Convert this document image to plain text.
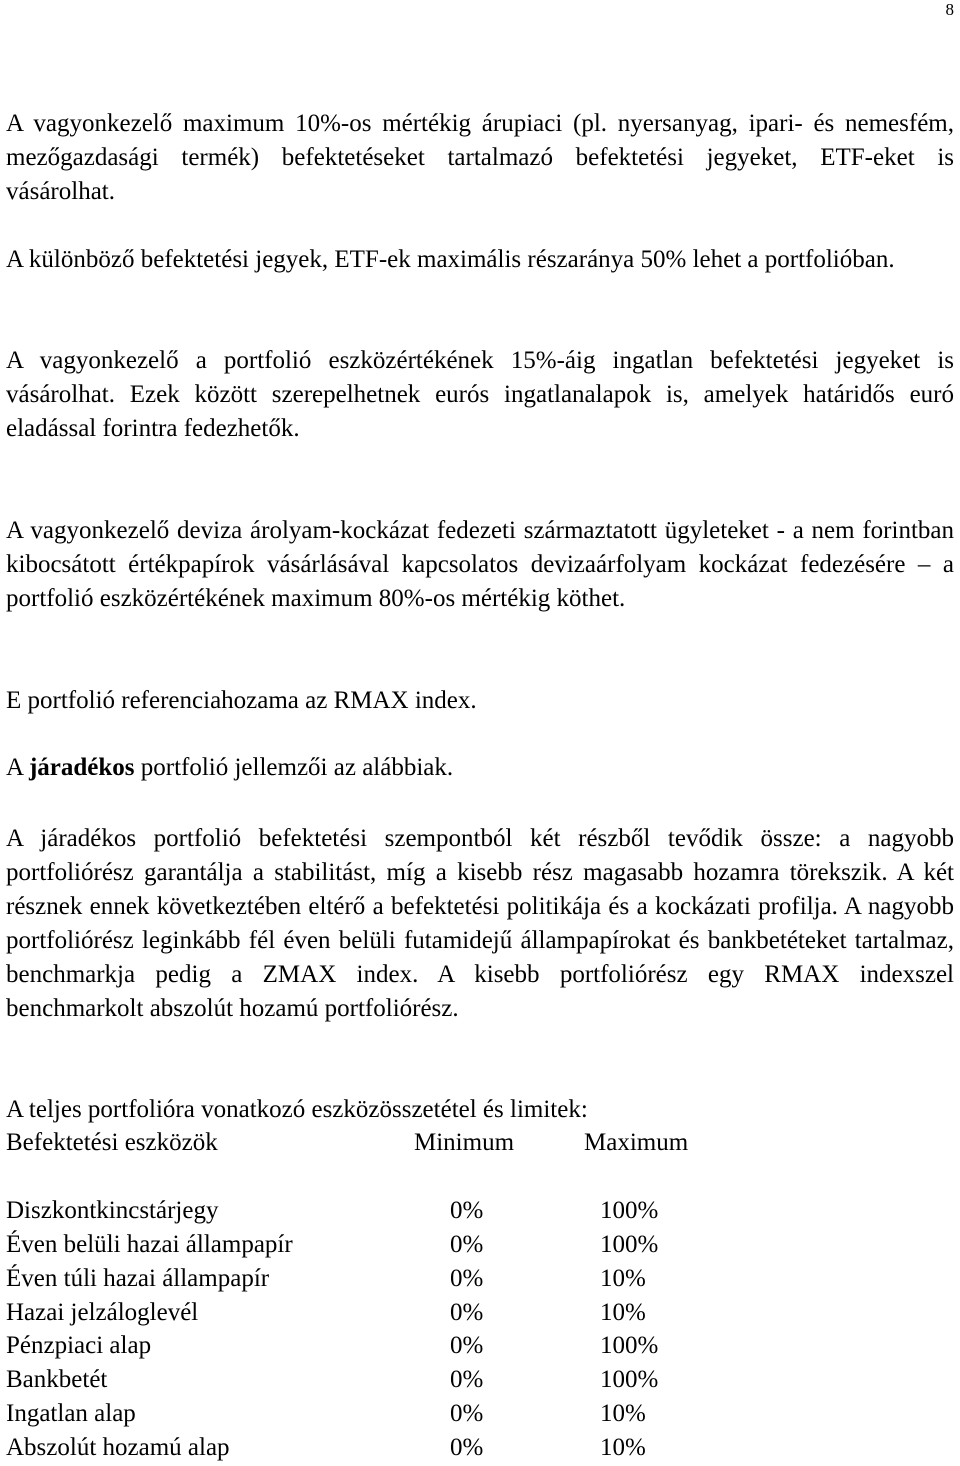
8

A vagyonkezelő maximum 10%-os mértékig árupiaci (pl. nyersanyag, ipari- és nemesfém, mezőgazdasági termék) befektetéseket tartalmazó befektetési jegyeket, ETF-eket is vásárolhat.

A különböző befektetési jegyek, ETF-ek maximális részaránya 50% lehet a portfolióban.

A vagyonkezelő a portfolió eszközértékének 15%-áig ingatlan befektetési jegyeket is vásárolhat. Ezek között szerepelhetnek eurós ingatlanalapok is, amelyek határidős euró eladással forintra fedezhetők.

A vagyonkezelő deviza árolyam-kockázat fedezeti származtatott ügyleteket - a nem forintban kibocsátott értékpapírok vásárlásával kapcsolatos devizaárfolyam kockázat fedezésére – a portfolió eszközértékének maximum 80%-os mértékig köthet.

E portfolió referenciahozama az RMAX index.

A járadékos portfolió jellemzői az alábbiak.

A járadékos portfolió befektetési szempontból két részből tevődik össze: a nagyobb portfoliórész garantálja a stabilitást, míg a kisebb rész magasabb hozamra törekszik. A két résznek ennek következtében eltérő a befektetési politikája és a kockázati profilja. A nagyobb portfoliórész leginkább fél éven belüli futamidejű állampapírokat és bankbetéteket tartalmaz, benchmarkja pedig a ZMAX index. A kisebb portfoliórész egy RMAX indexszel benchmarkolt abszolút hozamú portfoliórész.

A teljes portfolióra vonatkozó eszközösszetétel és limitek:

Befektetési eszközök	Minimum	Maximum
Diszkontkincstárjegy	0%	100%
Éven belüli hazai állampapír	0%	100%
Éven túli hazai állampapír	0%	10%
Hazai jelzáloglevél	0%	10%
Pénzpiaci alap	0%	100%
Bankbetét	0%	100%
Ingatlan alap	0%	10%
Abszolút hozamú alap	0%	10%
